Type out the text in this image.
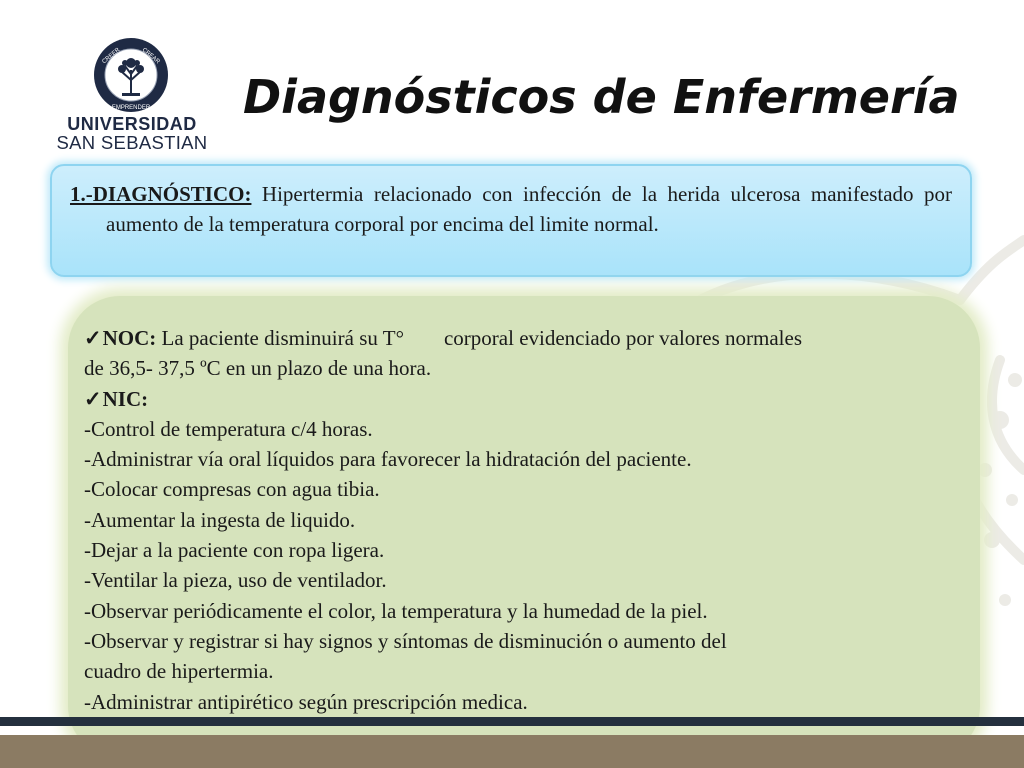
CREER	CREAR
EMPRENDER
UNIVERSIDAD
SAN SEBASTIAN
Diagnósticos de Enfermería

1.-DIAGNÓSTICO: Hipertermia relacionado con infección de la herida ulcerosa manifestado por aumento de la temperatura corporal por encima del limite normal.

✓NOC: La paciente disminuirá su T° corporal evidenciado por valores normales

de 36,5- 37,5 ºC en un plazo de una hora.

✓NIC:

-Control de temperatura c/4 horas.

-Administrar vía oral líquidos para favorecer la hidratación del paciente.

-Colocar compresas con agua tibia.

-Aumentar la ingesta de liquido.

-Dejar a la paciente con ropa ligera.

-Ventilar la pieza, uso de ventilador.

-Observar periódicamente el color, la temperatura y la humedad de la piel.

-Observar y registrar si hay signos y síntomas de disminución o aumento del

cuadro de hipertermia.

-Administrar antipirético según prescripción medica.
